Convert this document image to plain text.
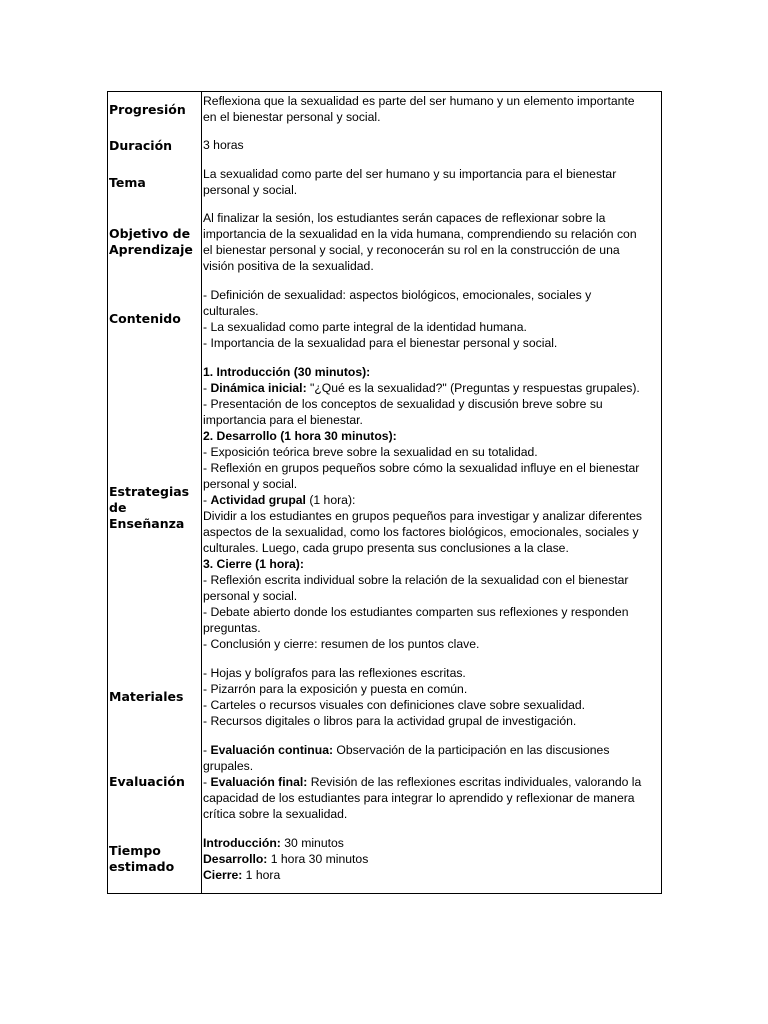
Progresión
Reflexiona que la sexualidad es parte del ser humano y un elemento importante
en el bienestar personal y social.
Duración	3 horas
Tema
La sexualidad como parte del ser humano y su importancia para el bienestar
personal y social.
Objetivo de
Aprendizaje
Al finalizar la sesión, los estudiantes serán capaces de reflexionar sobre la
importancia de la sexualidad en la vida humana, comprendiendo su relación con
el bienestar personal y social, y reconocerán su rol en la construcción de una
visión positiva de la sexualidad.
Contenido
- Definición de sexualidad: aspectos biológicos, emocionales, sociales y
culturales.
- La sexualidad como parte integral de la identidad humana.
- Importancia de la sexualidad para el bienestar personal y social.
Estrategias
de
Enseñanza
1. Introducción (30 minutos):
- Dinámica inicial: "¿Qué es la sexualidad?" (Preguntas y respuestas grupales).
- Presentación de los conceptos de sexualidad y discusión breve sobre su
importancia para el bienestar.
2. Desarrollo (1 hora 30 minutos):
- Exposición teórica breve sobre la sexualidad en su totalidad.
- Reflexión en grupos pequeños sobre cómo la sexualidad influye en el bienestar
personal y social.
- Actividad grupal (1 hora):
Dividir a los estudiantes en grupos pequeños para investigar y analizar diferentes
aspectos de la sexualidad, como los factores biológicos, emocionales, sociales y
culturales. Luego, cada grupo presenta sus conclusiones a la clase.
3. Cierre (1 hora):
- Reflexión escrita individual sobre la relación de la sexualidad con el bienestar
personal y social.
- Debate abierto donde los estudiantes comparten sus reflexiones y responden
preguntas.
- Conclusión y cierre: resumen de los puntos clave.
Materiales
- Hojas y bolígrafos para las reflexiones escritas.
- Pizarrón para la exposición y puesta en común.
- Carteles o recursos visuales con definiciones clave sobre sexualidad.
- Recursos digitales o libros para la actividad grupal de investigación.
Evaluación
- Evaluación continua: Observación de la participación en las discusiones
grupales.
- Evaluación final: Revisión de las reflexiones escritas individuales, valorando la
capacidad de los estudiantes para integrar lo aprendido y reflexionar de manera
crítica sobre la sexualidad.
Tiempo
estimado
Introducción: 30 minutos
Desarrollo: 1 hora 30 minutos
Cierre: 1 hora
